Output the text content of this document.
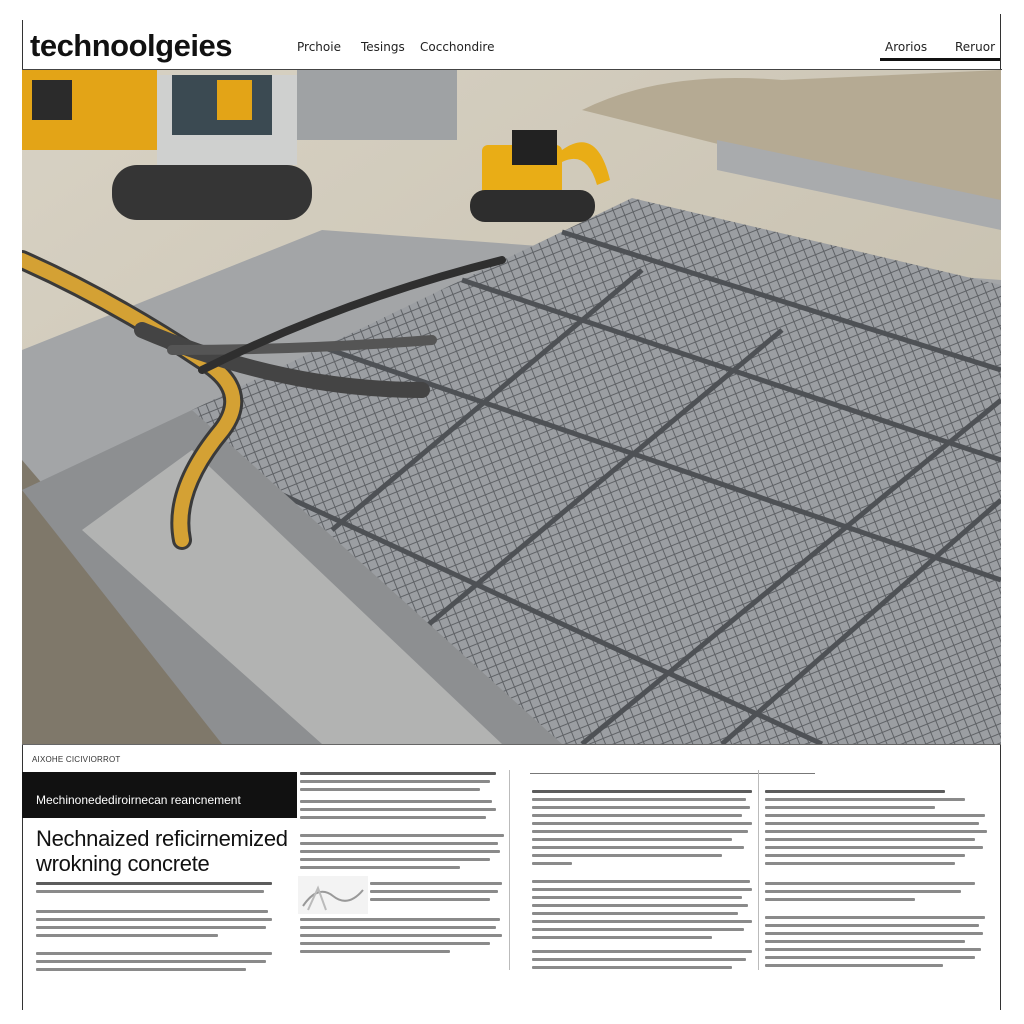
technoolgeies	Prchoie Tesings Cocchondire	Arorios Reruor
AIXOHE CICIVIORROT
Mechinonedediroirnecan reancnement
Nechnaized reficirnemized
wrokning concrete
